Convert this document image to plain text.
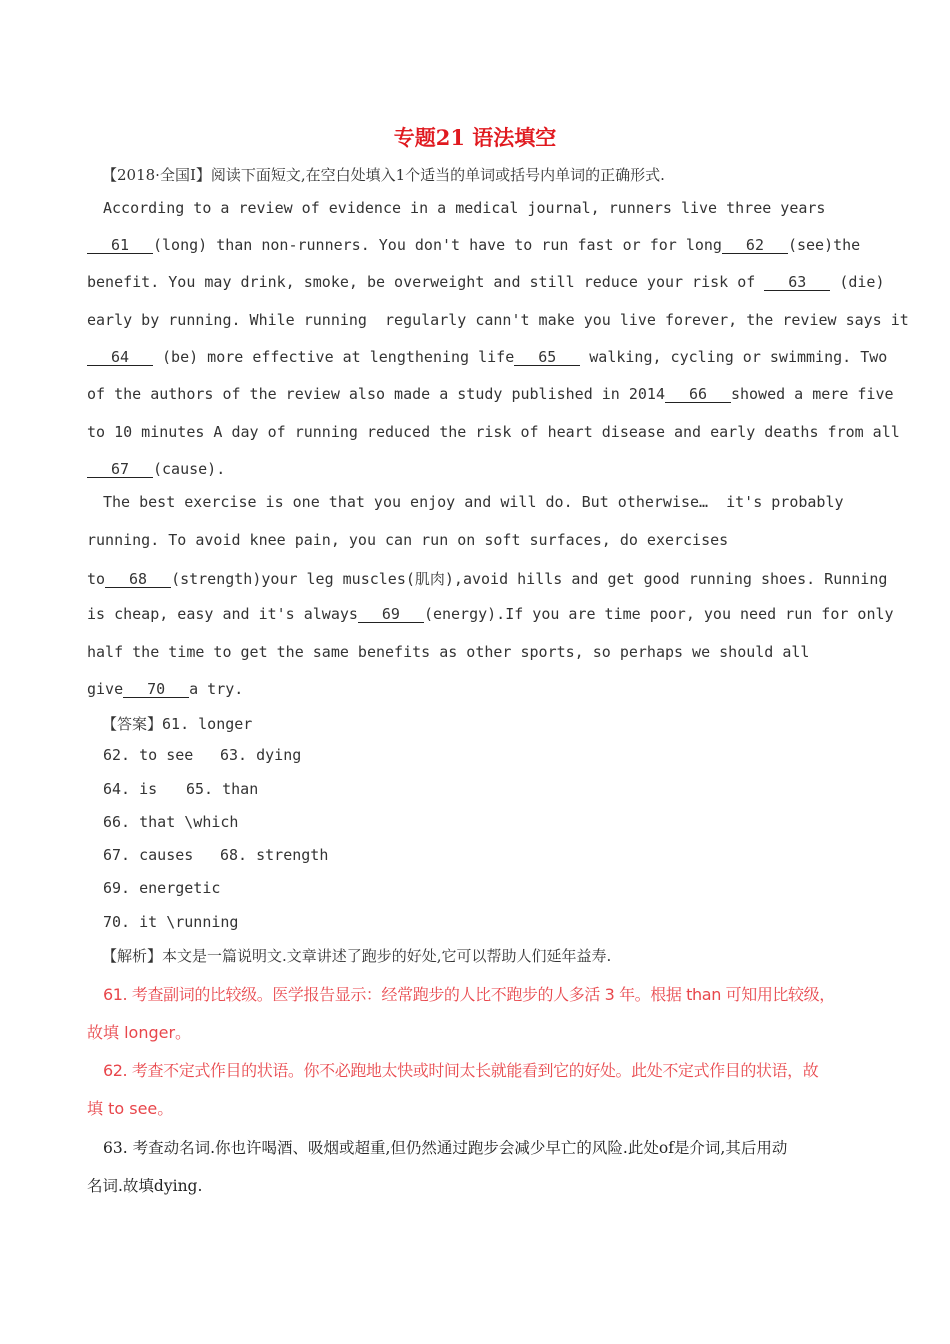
专题21 语法填空
【2018·全国Ⅰ】阅读下面短文,在空白处填入1个适当的单词或括号内单词的正确形式.
According to a review of evidence in a medical journal, runners live three years
61 (long) than non-runners. You don't have to run fast or for long 62 (see)the
benefit. You may drink, smoke, be overweight and still reduce your risk of 63 (die)
early by running. While running  regularly cann't make you live forever, the review says it
64 (be) more effective at lengthening life 65 walking, cycling or swimming. Two
of the authors of the review also made a study published in 2014 66 showed a mere five
to 10 minutes A day of running reduced the risk of heart disease and early deaths from all
67 (cause).
The best exercise is one that you enjoy and will do. But otherwise…  it's probably
running. To avoid knee pain, you can run on soft surfaces, do exercises
to 68 (strength)your leg muscles(肌肉),avoid hills and get good running shoes. Running
is cheap, easy and it's always 69 (energy).If you are time poor, you need run for only
half the time to get the same benefits as other sports, so perhaps we should all
give 70 a try.
【答案】61. longer
62. to see 63. dying
64. is 65. than
66. that \which
67. causes 68. strength
69. energetic
70. it \running
【解析】本文是一篇说明文.文章讲述了跑步的好处,它可以帮助人们延年益寿.
61. 考查副词的比较级。医学报告显示：经常跑步的人比不跑步的人多活 3 年。根据 than 可知用比较级，
故填 longer。
62. 考查不定式作目的状语。你不必跑地太快或时间太长就能看到它的好处。此处不定式作目的状语，故
填 to see。
63. 考查动名词.你也许喝酒、吸烟或超重,但仍然通过跑步会减少早亡的风险.此处of是介词,其后用动
名词.故填dying.
